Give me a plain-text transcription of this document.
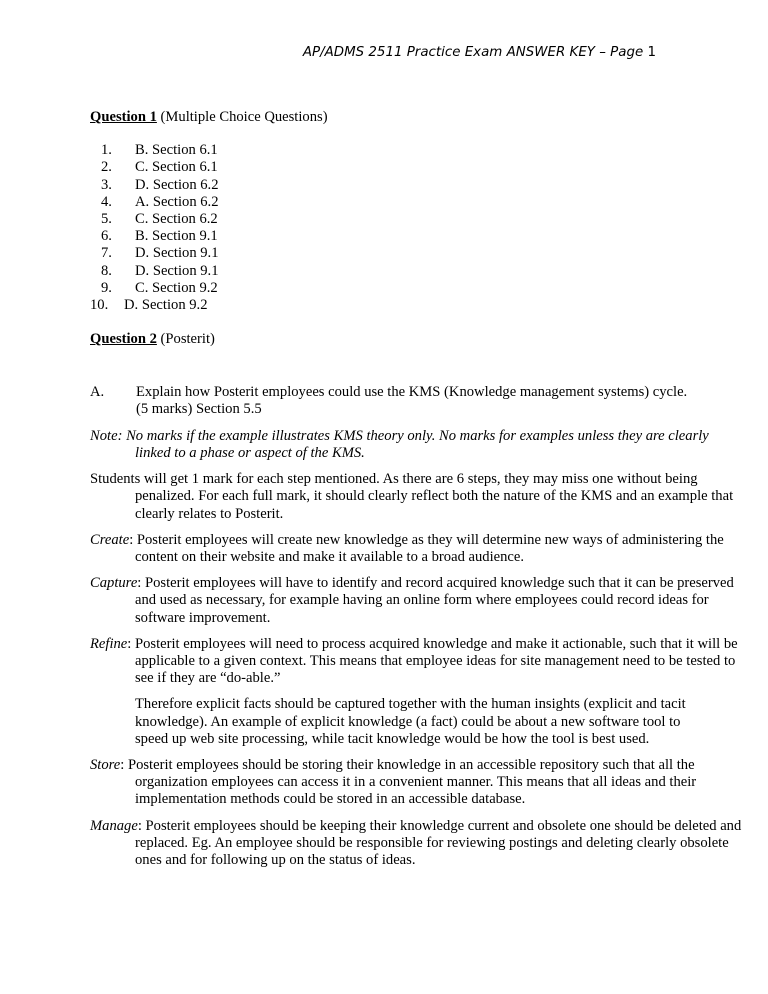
AP/ADMS 2511 Practice Exam ANSWER KEY – Page 1

Question 1 (Multiple Choice Questions)

1.	B. Section 6.1
2.	C. Section 6.1
3.	D. Section 6.2
4.	A. Section 6.2
5.	C. Section 6.2
6.	B. Section 9.1
7.	D. Section 9.1
8.	D. Section 9.1
9.	C. Section 9.2
10.	D. Section 9.2

Question 2 (Posterit)

A.	Explain how Posterit employees could use the KMS (Knowledge management systems) cycle. (5 marks) Section 5.5
Note: No marks if the example illustrates KMS theory only. No marks for examples unless they are clearly linked to a phase or aspect of the KMS.
Students will get 1 mark for each step mentioned. As there are 6 steps, they may miss one without being penalized. For each full mark, it should clearly reflect both the nature of the KMS and an example that clearly relates to Posterit.
Create: Posterit employees will create new knowledge as they will determine new ways of administering the content on their website and make it available to a broad audience.
Capture: Posterit employees will have to identify and record acquired knowledge such that it can be preserved and used as necessary, for example having an online form where employees could record ideas for software improvement.
Refine: Posterit employees will need to process acquired knowledge and make it actionable, such that it will be applicable to a given context. This means that employee ideas for site management need to be tested to see if they are “do-able.”
Therefore explicit facts should be captured together with the human insights (explicit and tacit knowledge). An example of explicit knowledge (a fact) could be about a new software tool to speed up web site processing, while tacit knowledge would be how the tool is best used.
Store: Posterit employees should be storing their knowledge in an accessible repository such that all the organization employees can access it in a convenient manner. This means that all ideas and their implementation methods could be stored in an accessible database.
Manage: Posterit employees should be keeping their knowledge current and obsolete one should be deleted and replaced. Eg. An employee should be responsible for reviewing postings and deleting clearly obsolete ones and for following up on the status of ideas.
